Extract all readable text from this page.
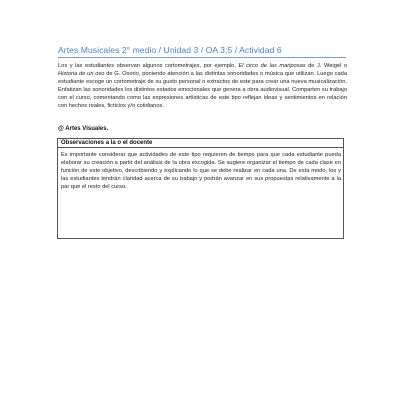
Artes Musicales 2° medio / Unidad 3 / OA 3;5 / Actividad 6

Los y las estudiantes observan algunos cortometrajes, por ejemplo, El circo de las mariposas de J. Weigel o Historia de un oso de G. Osorio, poniendo atención a las distintas sonoridades o música que utilizan. Luego cada estudiante escoge un cortometraje de su gusto personal o extractos de este para crear una nueva musicalización. Enfatizan las sonoridades los distintos estados emocionales que genera a obra audiovisual. Comparten su trabajo con el curso, comentando como las expresiones artísticas de este tipo reflejan ideas y sentimientos en relación con hechos reales, ficticios y/o cotidianos.

@ Artes Visuales.
Observaciones a la o el docente

Es importante considerar que actividades de este tipo requieren de tiempo para que cada estudiante pueda elaborar su creación a partir del análisis de la obra escogida. Se sugiere organizar el tiempo de cada clase en función de este objetivo, describiendo y explicando lo que se debe realizar en cada una. De esta modo, los y las estudiantes tendrán claridad acerca de su trabajo y podrán avanzar en sus propuestas relativamente a la par que el resto del curso.
